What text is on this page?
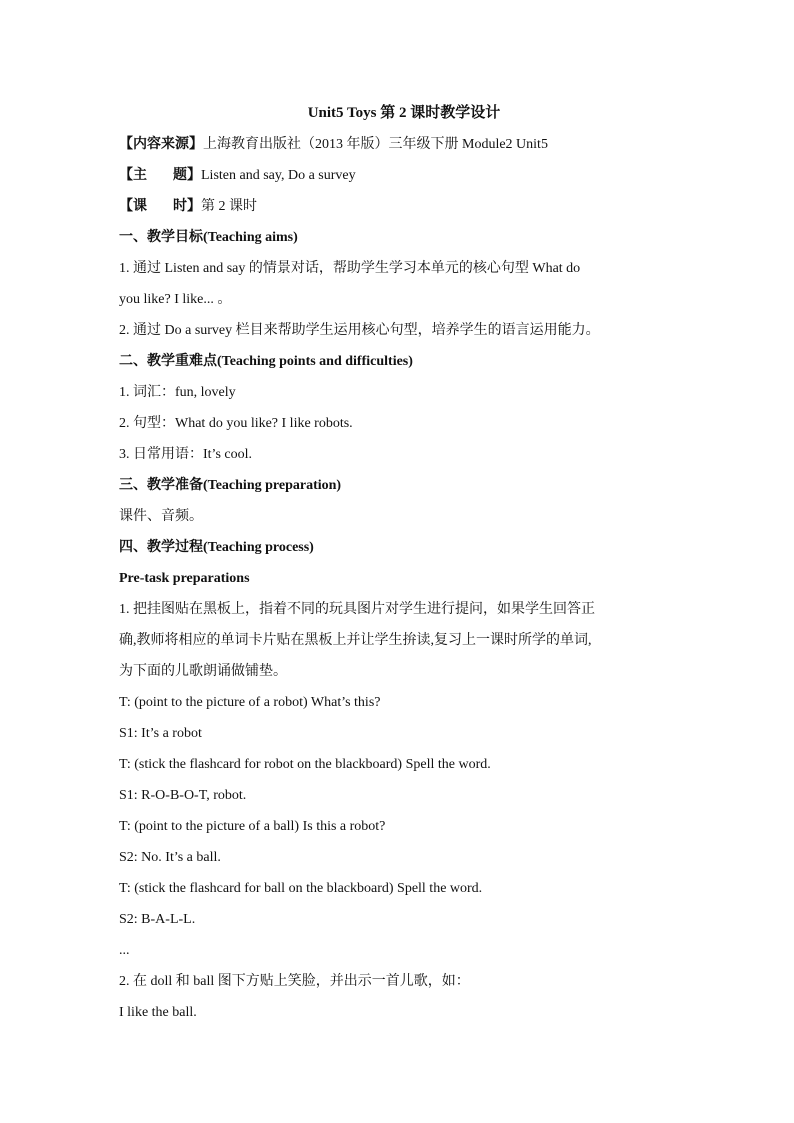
Unit5 Toys 第 2 课时教学设计
【内容来源】上海教育出版社（2013 年版）三年级下册 Module2 Unit5
【主 题】Listen and say, Do a survey
【课 时】第 2 课时
一、教学目标(Teaching aims)
1. 通过 Listen and say 的情景对话，帮助学生学习本单元的核心句型 What do
you like? I like... 。
2. 通过 Do a survey 栏目来帮助学生运用核心句型，培养学生的语言运用能力。
二、教学重难点(Teaching points and difficulties)
1. 词汇：fun, lovely
2. 句型：What do you like? I like robots.
3. 日常用语：It’s cool.
三、教学准备(Teaching preparation)
课件、音频。
四、教学过程(Teaching process)
Pre-task preparations
1. 把挂图贴在黑板上，指着不同的玩具图片对学生进行提问，如果学生回答正
确,教师将相应的单词卡片贴在黑板上并让学生拚读,复习上一课时所学的单词,
为下面的儿歌朗诵做铺垫。
T: (point to the picture of a robot) What’s this?
S1: It’s a robot
T: (stick the flashcard for robot on the blackboard) Spell the word.
S1: R-O-B-O-T, robot.
T: (point to the picture of a ball) Is this a robot?
S2: No. It’s a ball.
T: (stick the flashcard for ball on the blackboard) Spell the word.
S2: B-A-L-L.
...
2. 在 doll 和 ball 图下方贴上笑脸，并出示一首儿歌，如：
I like the ball.
